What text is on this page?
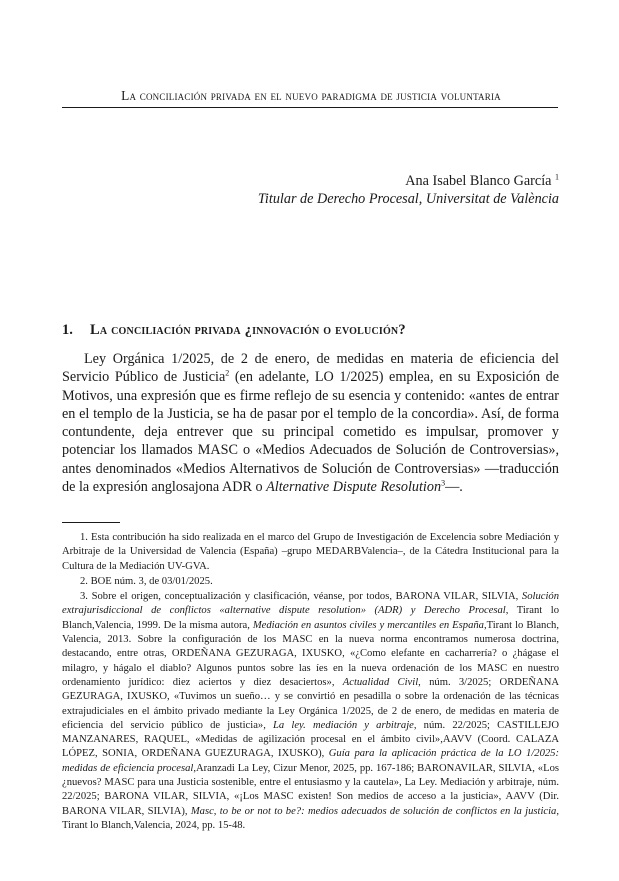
La conciliación privada en el nuevo paradigma de justicia voluntaria
Ana Isabel Blanco García $^1$
Titular de Derecho Procesal, Universitat de València
1. La conciliación privada ¿innovación o evolución?

Ley Orgánica 1/2025, de 2 de enero, de medidas en materia de eficiencia del Servicio Público de Justicia$^2$ (en adelante, LO 1/2025) emplea, en su Exposición de Motivos, una expresión que es firme reflejo de su esencia y contenido: «antes de entrar en el templo de la Justicia, se ha de pasar por el templo de la concordia». Así, de forma contundente, deja entrever que su principal cometido es impulsar, promover y potenciar los llamados MASC o «Medios Adecuados de Solución de Controversias», antes denominados «Medios Alternativos de Solución de Controversias» —traducción de la expresión anglosajona ADR o Alternative Dispute Resolution$^3$—.

1. Esta contribución ha sido realizada en el marco del Grupo de Investigación de Excelencia sobre Mediación y Arbitraje de la Universidad de Valencia (España) –grupo MEDARBValencia–, de la Cátedra Institucional para la Cultura de la Mediación UV-GVA.

2. BOE núm. 3, de 03/01/2025.

3. Sobre el origen, conceptualización y clasificación, véanse, por todos, BARONA VILAR, SILVIA, Solución extrajurisdiccional de conflictos «alternative dispute resolution» (ADR) y Derecho Procesal, Tirant lo Blanch,Valencia, 1999. De la misma autora, Mediación en asuntos civiles y mercantiles en España,Tirant lo Blanch, Valencia, 2013. Sobre la configuración de los MASC en la nueva norma encontramos numerosa doctrina, destacando, entre otras, ORDEÑANA GEZURAGA, IXUSKO, «¿Como elefante en cacharrería? o ¿hágase el milagro, y hágalo el diablo? Algunos puntos sobre las íes en la nueva ordenación de los MASC en nuestro ordenamiento jurídico: diez aciertos y diez desaciertos», Actualidad Civil, núm. 3/2025; ORDEÑANA GEZURAGA, IXUSKO, «Tuvimos un sueño… y se convirtió en pesadilla o sobre la ordenación de las técnicas extrajudiciales en el ámbito privado mediante la Ley Orgánica 1/2025, de 2 de enero, de medidas en materia de eficiencia del servicio público de justicia», La ley. mediación y arbitraje, núm. 22/2025; CASTILLEJO MANZANARES, RAQUEL, «Medidas de agilización procesal en el ámbito civil»,AAVV (Coord. CALAZA LÓPEZ, SONIA, ORDEÑANA GUEZURAGA, IXUSKO), Guía para la aplicación práctica de la LO 1/2025: medidas de eficiencia procesal,Aranzadi La Ley, Cizur Menor, 2025, pp. 167-186; BARONAVILAR, SILVIA, «Los ¿nuevos? MASC para una Justicia sostenible, entre el entusiasmo y la cautela», La Ley. Mediación y arbitraje, núm. 22/2025; BARONA VILAR, SILVIA, «¡Los MASC existen! Son medios de acceso a la justicia», AAVV (Dir. BARONA VILAR, SILVIA), Masc, to be or not to be?: medios adecuados de solución de conflictos en la justicia, Tirant lo Blanch,Valencia, 2024, pp. 15-48.
